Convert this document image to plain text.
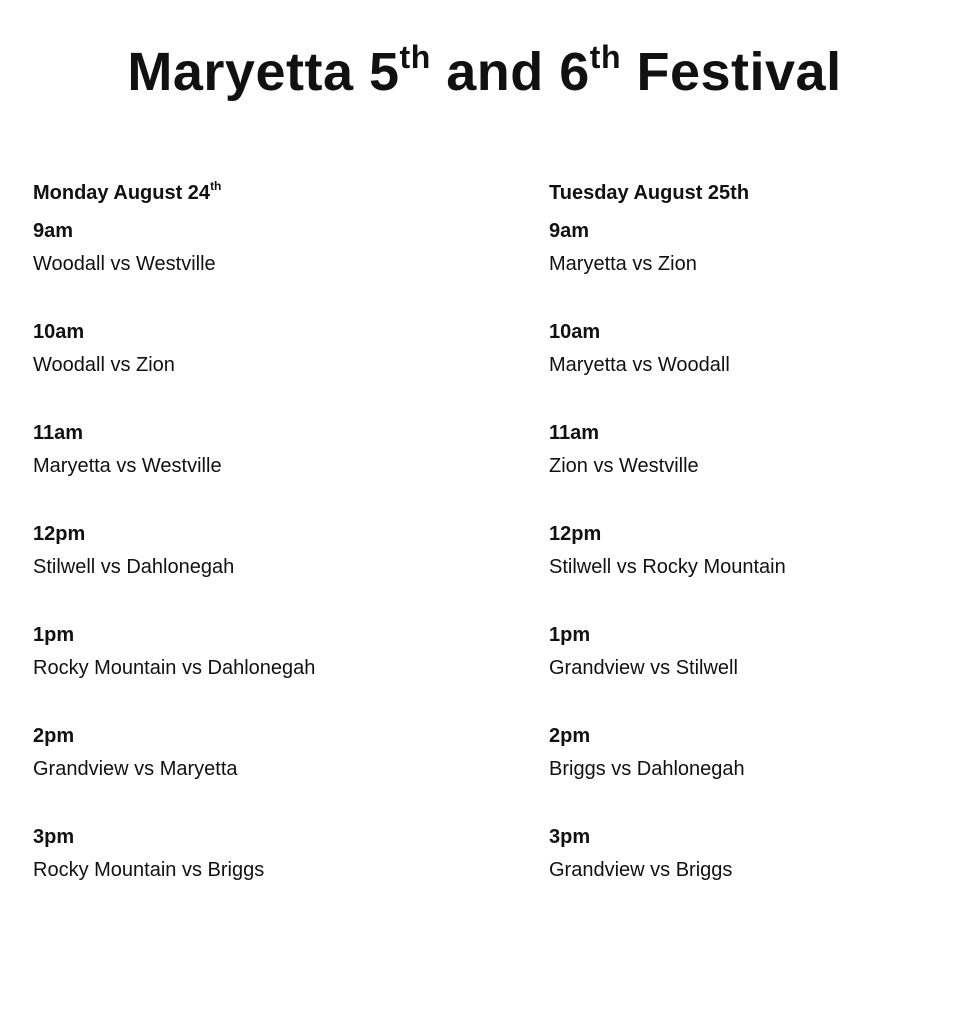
Maryetta 5th and 6th Festival
Monday August 24th
9am
Woodall vs Westville
10am
Woodall vs Zion
11am
Maryetta vs Westville
12pm
Stilwell vs Dahlonegah
1pm
Rocky Mountain vs Dahlonegah
2pm
Grandview vs Maryetta
3pm
Rocky Mountain vs Briggs
Tuesday August 25th
9am
Maryetta vs Zion
10am
Maryetta vs Woodall
11am
Zion vs Westville
12pm
Stilwell vs Rocky Mountain
1pm
Grandview vs Stilwell
2pm
Briggs vs Dahlonegah
3pm
Grandview vs Briggs
